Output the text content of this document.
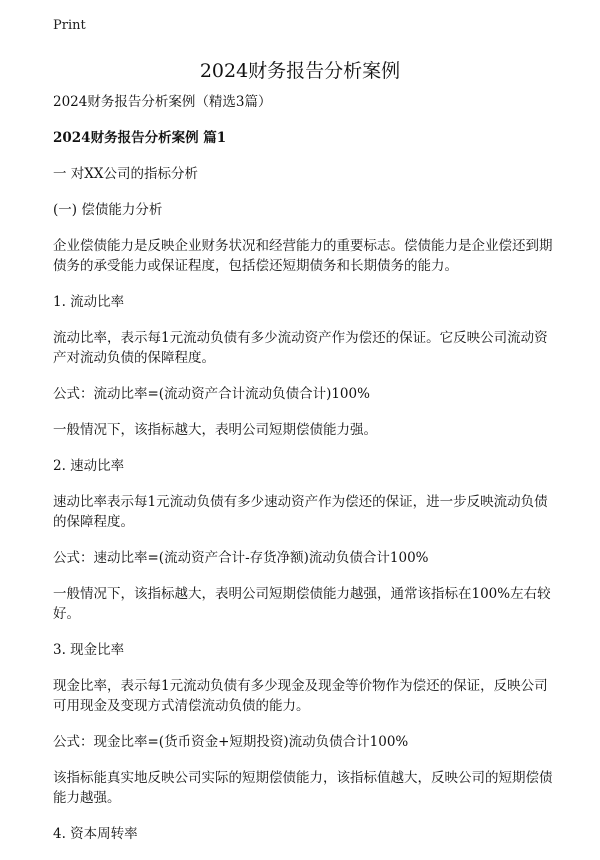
Print
2024财务报告分析案例

2024财务报告分析案例（精选3篇）

2024财务报告分析案例 篇1

一 对XX公司的指标分析

(一) 偿债能力分析

企业偿债能力是反映企业财务状况和经营能力的重要标志。偿债能力是企业偿还到期债务的承受能力或保证程度，包括偿还短期债务和长期债务的能力。

1. 流动比率

流动比率，表示每1元流动负债有多少流动资产作为偿还的保证。它反映公司流动资产对流动负债的保障程度。

公式：流动比率=(流动资产合计流动负债合计)100%

一般情况下，该指标越大，表明公司短期偿债能力强。

2. 速动比率

速动比率表示每1元流动负债有多少速动资产作为偿还的保证，进一步反映流动负债的保障程度。

公式：速动比率=(流动资产合计-存货净额)流动负债合计100%

一般情况下，该指标越大，表明公司短期偿债能力越强，通常该指标在100%左右较好。

3. 现金比率

现金比率，表示每1元流动负债有多少现金及现金等价物作为偿还的保证，反映公司可用现金及变现方式清偿流动负债的能力。

公式：现金比率=(货币资金+短期投资)流动负债合计100%

该指标能真实地反映公司实际的短期偿债能力，该指标值越大，反映公司的短期偿债能力越强。

4. 资本周转率
